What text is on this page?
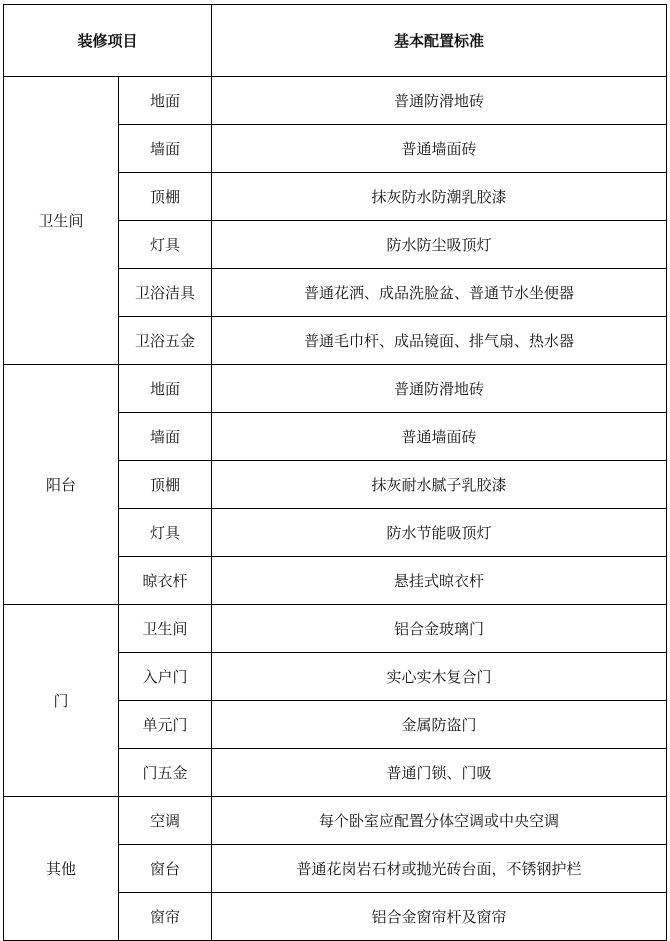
装修项目		基本配置标准
卫生间	地面	普通防滑地砖
	墙面	普通墙面砖
	顶棚	抹灰防水防潮乳胶漆
	灯具	防水防尘吸顶灯
	卫浴洁具	普通花洒、成品洗脸盆、普通节水坐便器
	卫浴五金	普通毛巾杆、成品镜面、排气扇、热水器
阳台	地面	普通防滑地砖
	墙面	普通墙面砖
	顶棚	抹灰耐水腻子乳胶漆
	灯具	防水节能吸顶灯
	晾衣杆	悬挂式晾衣杆
门	卫生间	铝合金玻璃门
	入户门	实心实木复合门
	单元门	金属防盗门
	门五金	普通门锁、门吸
其他	空调	每个卧室应配置分体空调或中央空调
	窗台	普通花岗岩石材或抛光砖台面，不锈钢护栏
	窗帘	铝合金窗帘杆及窗帘
